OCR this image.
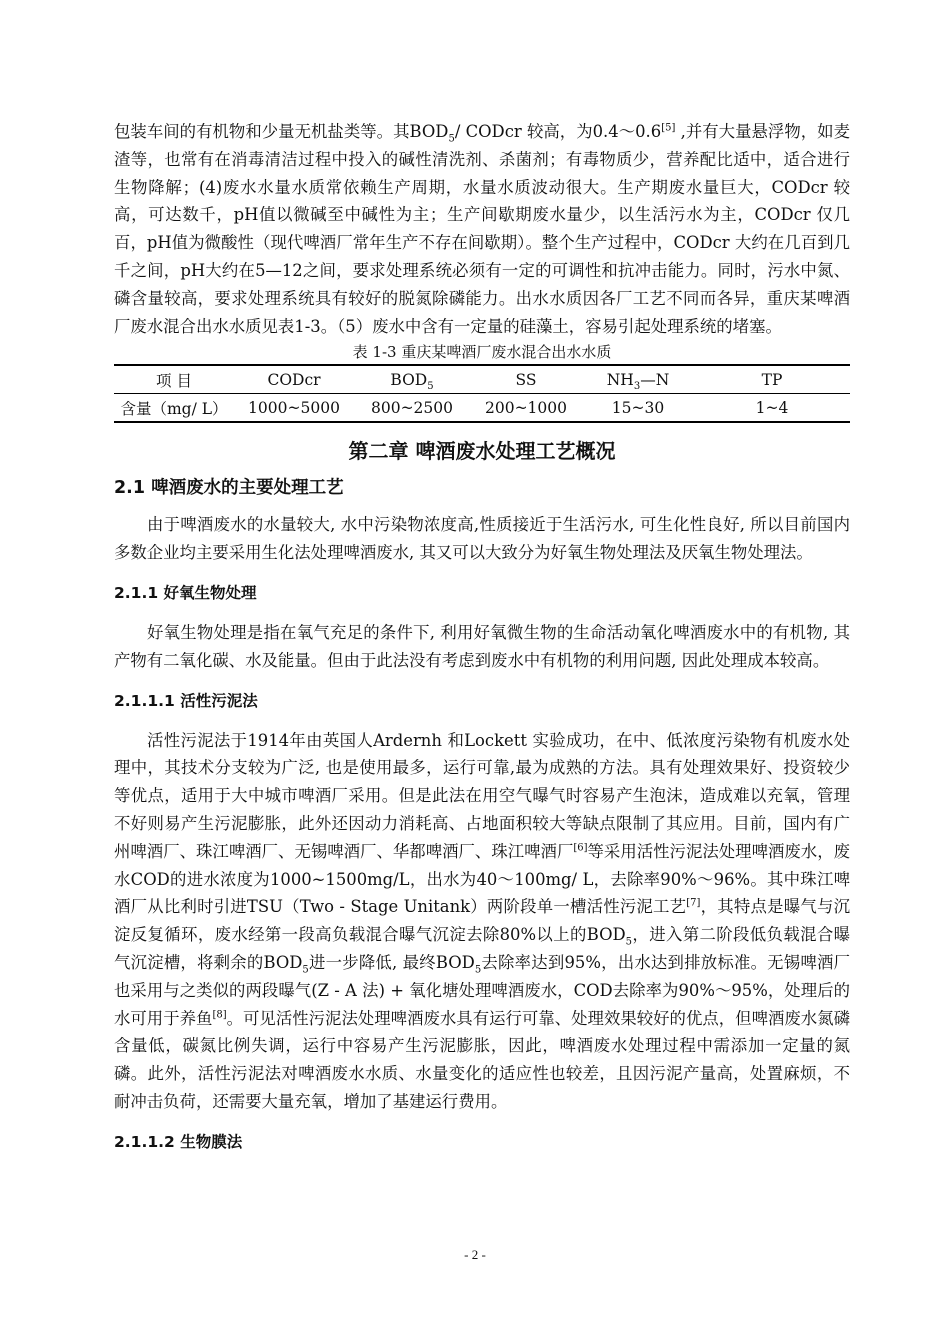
包装车间的有机物和少量无机盐类等。其$BOD_5/$ CODcr 较高，为0.4～0.6[5] ,并有大量悬浮物，如麦渣等，也常有在消毒清洁过程中投入的碱性清洗剂、杀菌剂；有毒物质少，营养配比适中，适合进行生物降解；(4)废水水量水质常依赖生产周期，水量水质波动很大。生产期废水量巨大，CODcr 较高，可达数千，pH值以微碱至中碱性为主；生产间歇期废水量少，以生活污水为主，CODcr 仅几百，pH值为微酸性（现代啤酒厂常年生产不存在间歇期）。整个生产过程中，CODcr 大约在几百到几千之间，pH大约在5—12之间，要求处理系统必须有一定的可调性和抗冲击能力。同时，污水中氮、磷含量较高，要求处理系统具有较好的脱氮除磷能力。出水水质因各厂工艺不同而各异，重庆某啤酒厂废水混合出水水质见表1-3。（5）废水中含有一定量的硅藻土，容易引起处理系统的堵塞。

表 1-3 重庆某啤酒厂废水混合出水水质
项 目	CODcr	$BOD_5$	SS	$NH_3—N$	TP
含量（mg/ L）	1000~5000	800~2500	200~1000	15~30	1~4
第二章 啤酒废水处理工艺概况
2.1 啤酒废水的主要处理工艺

由于啤酒废水的水量较大, 水中污染物浓度高,性质接近于生活污水, 可生化性良好, 所以目前国内多数企业均主要采用生化法处理啤酒废水, 其又可以大致分为好氧生物处理法及厌氧生物处理法。

2.1.1 好氧生物处理

好氧生物处理是指在氧气充足的条件下, 利用好氧微生物的生命活动氧化啤酒废水中的有机物, 其产物有二氧化碳、水及能量。但由于此法没有考虑到废水中有机物的利用问题, 因此处理成本较高。

2.1.1.1 活性污泥法

活性污泥法于1914年由英国人Ardernh 和Lockett 实验成功，在中、低浓度污染物有机废水处理中，其技术分支较为广泛, 也是使用最多，运行可靠,最为成熟的方法。具有处理效果好、投资较少等优点，适用于大中城市啤酒厂采用。但是此法在用空气曝气时容易产生泡沫，造成难以充氧，管理不好则易产生污泥膨胀，此外还因动力消耗高、占地面积较大等缺点限制了其应用。目前，国内有广州啤酒厂、珠江啤酒厂、无锡啤酒厂、华都啤酒厂、珠江啤酒厂[6]等采用活性污泥法处理啤酒废水，废水COD的进水浓度为1000~1500mg/L，出水为40～100mg/ L，去除率90%～96%。其中珠江啤酒厂从比利时引进TSU（Two - Stage Unitank）两阶段单一槽活性污泥工艺[7]，其特点是曝气与沉淀反复循环，废水经第一段高负载混合曝气沉淀去除80%以上的$BOD_5$，进入第二阶段低负载混合曝气沉淀槽，将剩余的$BOD_5$进一步降低, 最终$BOD_5$去除率达到95%，出水达到排放标准。无锡啤酒厂也采用与之类似的两段曝气(Z - A 法) + 氧化塘处理啤酒废水，COD去除率为90%～95%，处理后的水可用于养鱼[8]。可见活性污泥法处理啤酒废水具有运行可靠、处理效果较好的优点，但啤酒废水氮磷含量低，碳氮比例失调，运行中容易产生污泥膨胀，因此，啤酒废水处理过程中需添加一定量的氮磷。此外，活性污泥法对啤酒废水水质、水量变化的适应性也较差，且因污泥产量高，处置麻烦，不耐冲击负荷，还需要大量充氧，增加了基建运行费用。

2.1.1.2 生物膜法
- 2 -
